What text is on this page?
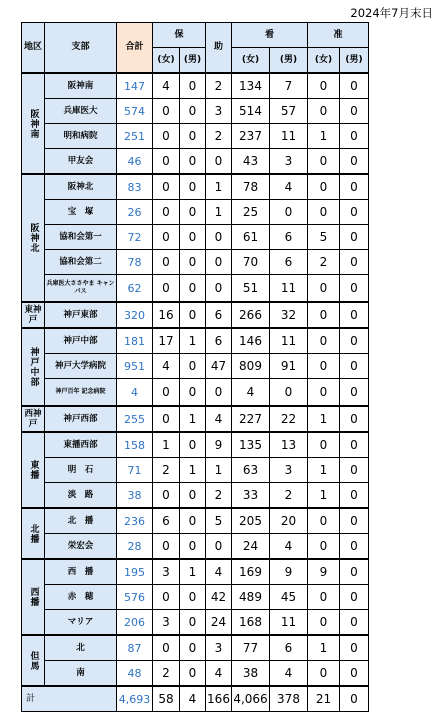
2024年7月末日
地区	支部	合計	保		助	看		准	
			(女)	(男)		(女)	(男)	(女)	(男)
阪神南	阪神南	147	4	0	2	134	7	0	0
	兵庫医大	574	0	0	3	514	57	0	0
	明和病院	251	0	0	2	237	11	1	0
	甲友会	46	0	0	0	43	3	0	0
阪神北	阪神北	83	0	0	1	78	4	0	0
	宝　塚	26	0	0	1	25	0	0	0
	協和会第一	72	0	0	0	61	6	5	0
	協和会第二	78	0	0	0	70	6	2	0
	兵庫医大ささやま キャンパス	62	0	0	0	51	11	0	0
東神戸	神戸東部	320	16	0	6	266	32	0	0
神戸中部	神戸中部	181	17	1	6	146	11	0	0
	神戸大学病院	951	4	0	47	809	91	0	0
	神戸百年 記念病院	4	0	0	0	4	0	0	0
西神戸	神戸西部	255	0	1	4	227	22	1	0
東播	東播西部	158	1	0	9	135	13	0	0
	明　石	71	2	1	1	63	3	1	0
	淡　路	38	0	0	2	33	2	1	0
北播	北　播	236	6	0	5	205	20	0	0
	栄宏会	28	0	0	0	24	4	0	0
西播	西　播	195	3	1	4	169	9	9	0
	赤　穂	576	0	0	42	489	45	0	0
	マリア	206	3	0	24	168	11	0	0
但馬	北	87	0	0	3	77	6	1	0
	南	48	2	0	4	38	4	0	0
計		4,693	58	4	166	4,066	378	21	0
